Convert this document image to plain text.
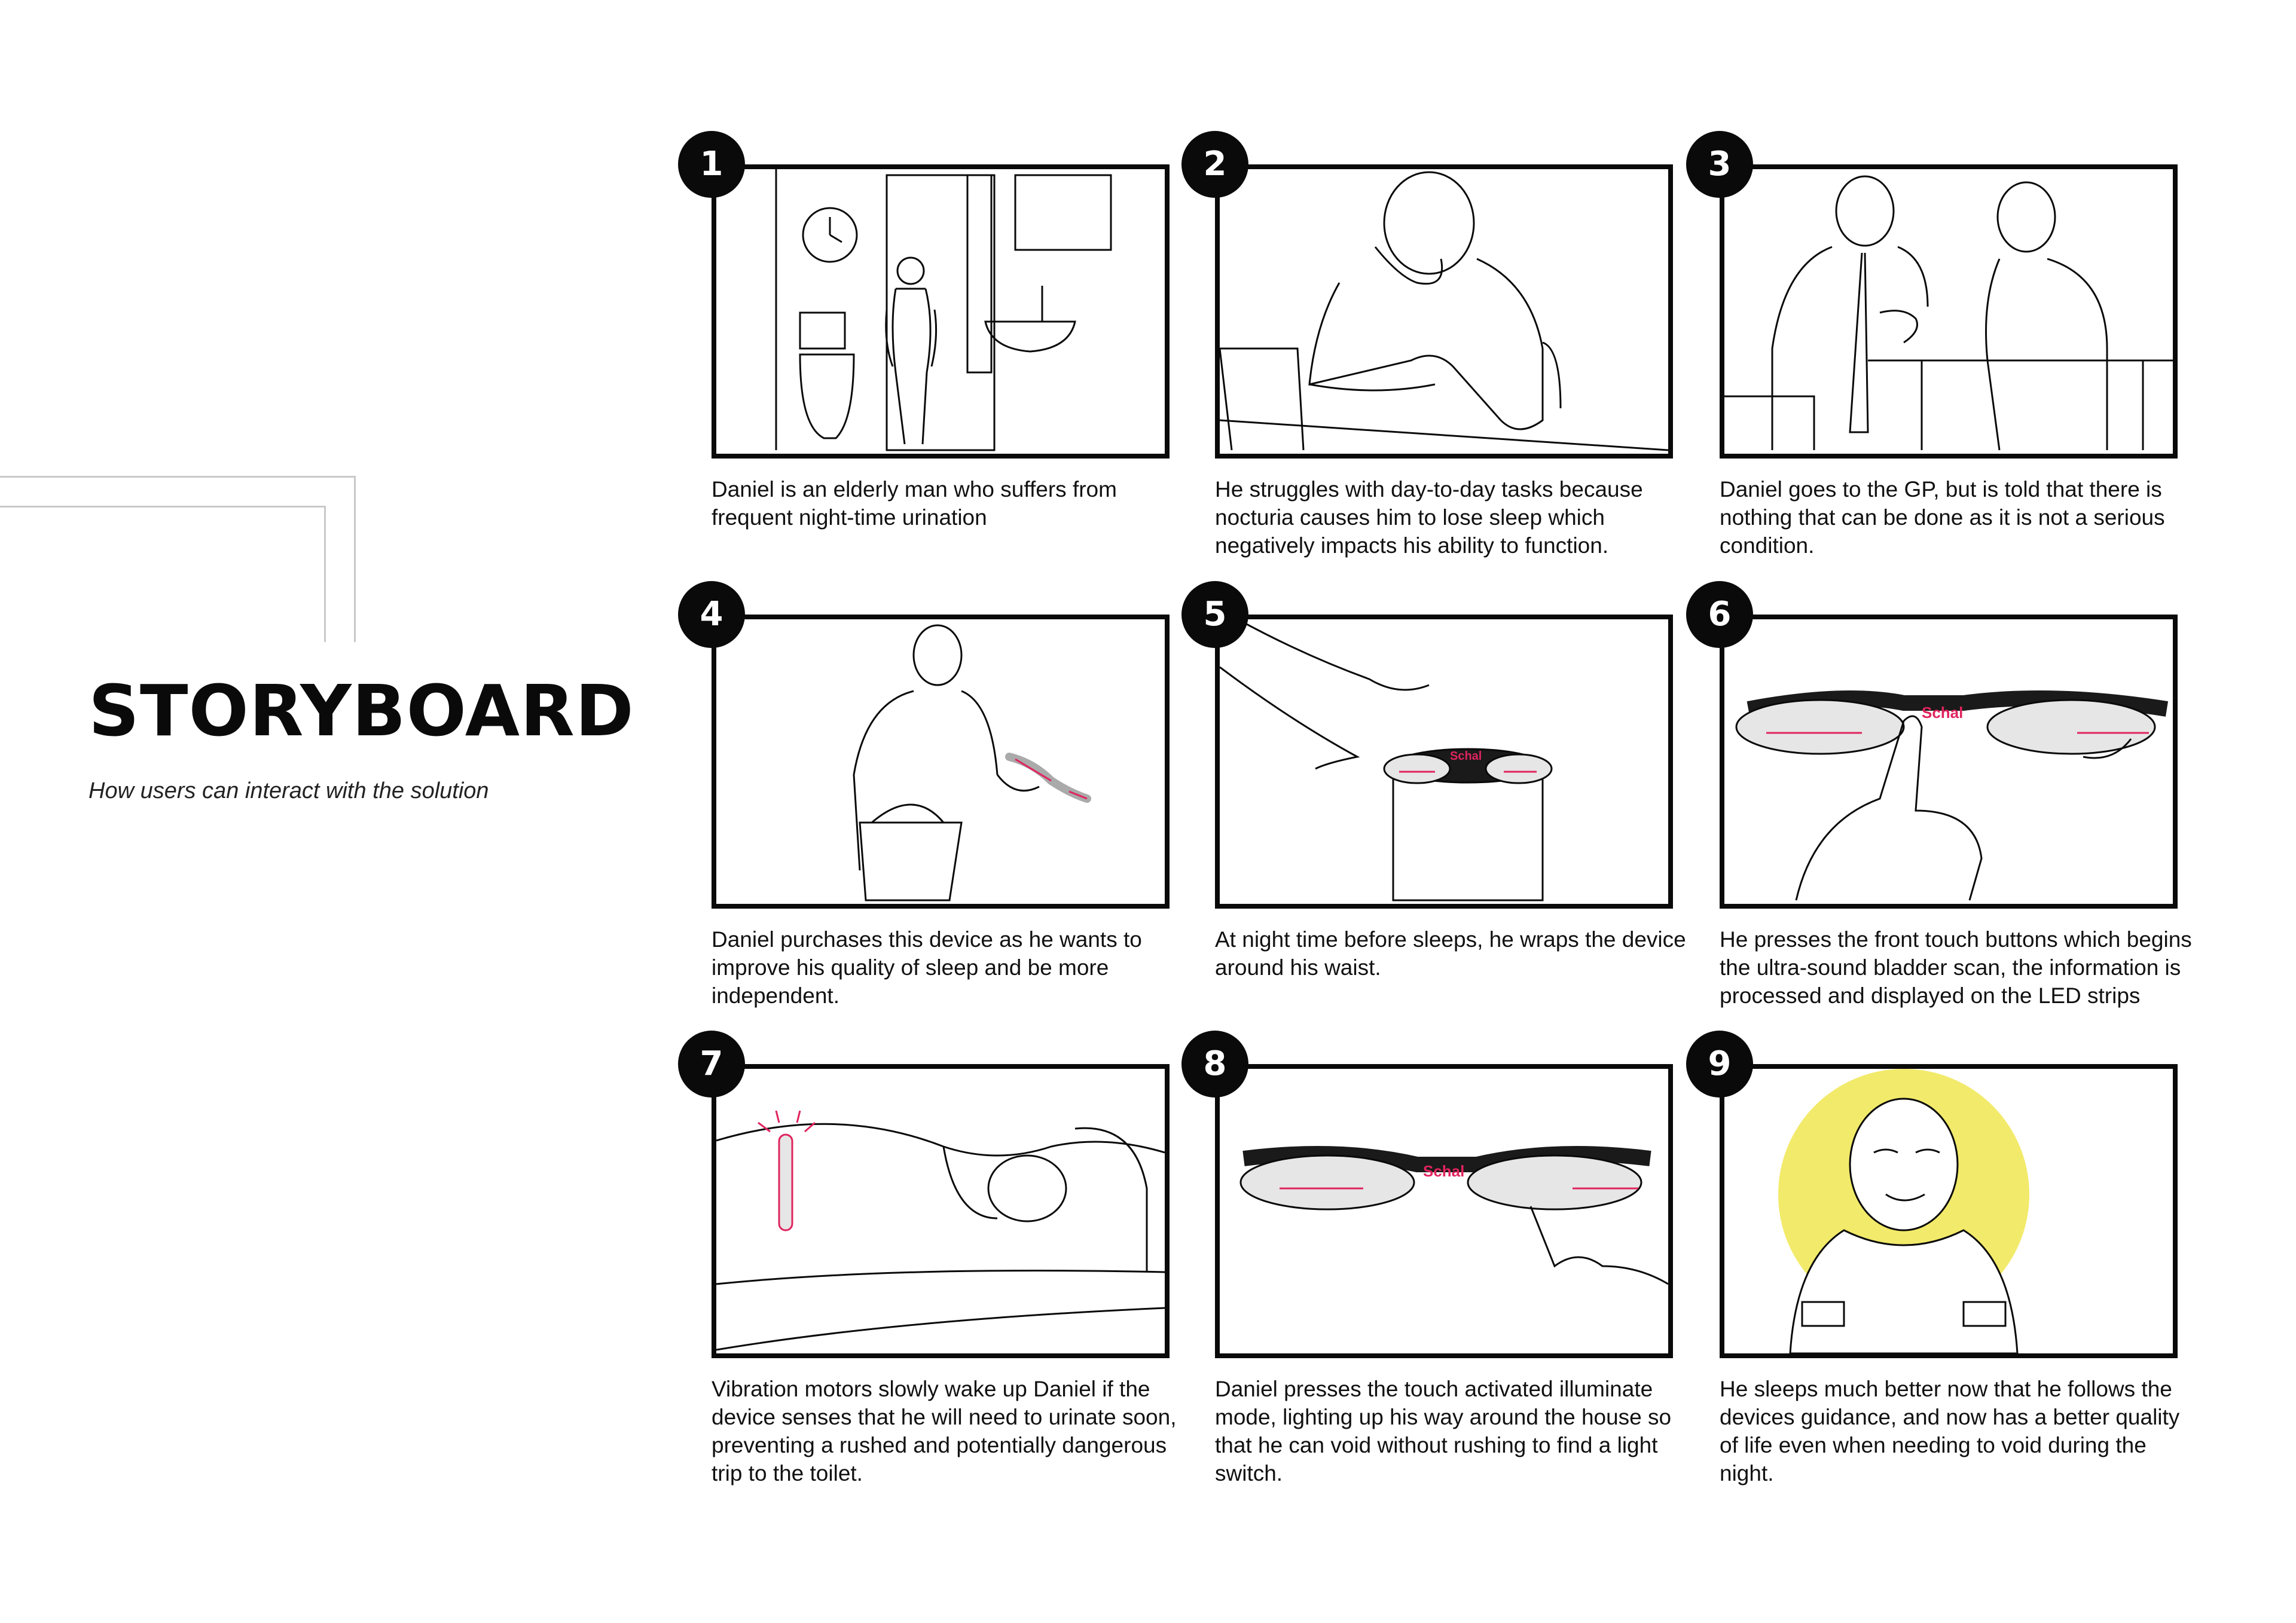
STORYBOARD
How users can interact with the solution
1
Daniel is an elderly man who suffers from frequent night-time urination
2
He struggles with day-to-day tasks because nocturia causes him to lose sleep which negatively impacts his ability to function.
3
Daniel goes to the GP, but is told that there is nothing that can be done as it is not a serious condition.
4
Daniel purchases this device as he wants to improve his quality of sleep and be more independent.
5
Schal
At night time before sleeps, he wraps the device around his waist.
6
Schal
He presses the front touch buttons which begins the ultra-sound bladder scan, the information is processed and displayed on the LED strips
7
Vibration motors slowly wake up Daniel if the device senses that he will need to urinate soon, preventing a rushed and potentially dangerous trip to the toilet.
8
Schal
Daniel presses the touch activated illuminate mode, lighting up his way around the house so that he can void without rushing to find a light switch.
9
He sleeps much better now that he follows the devices guidance, and now has a better quality of life even when needing to void during the night.
